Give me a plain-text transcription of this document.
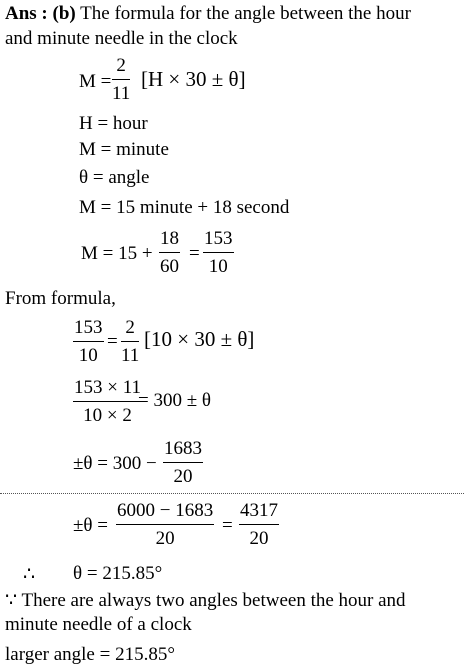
Ans : (b) The formula for the angle between the hour
and minute needle in the clock
$M = \frac{2}{11} [H \times 30 \pm \theta]$
H = hour
M = minute
θ = angle
M = 15 minute + 18 second
$M = 15 + \frac{18}{60} = \frac{153}{10}$
From formula,
$\frac{153}{10} = \frac{2}{11} [10 \times 30 \pm \theta]$
$\frac{153 \times 11}{10 \times 2}$
= 300 ± θ
$\pm\theta = 300 - \frac{1683}{20}$
$\pm\theta = \frac{6000 - 1683}{20} = \frac{4317}{20}$
∴ θ = 215.85°
∵ There are always two angles between the hour and
minute needle of a clock
larger angle = 215.85°
